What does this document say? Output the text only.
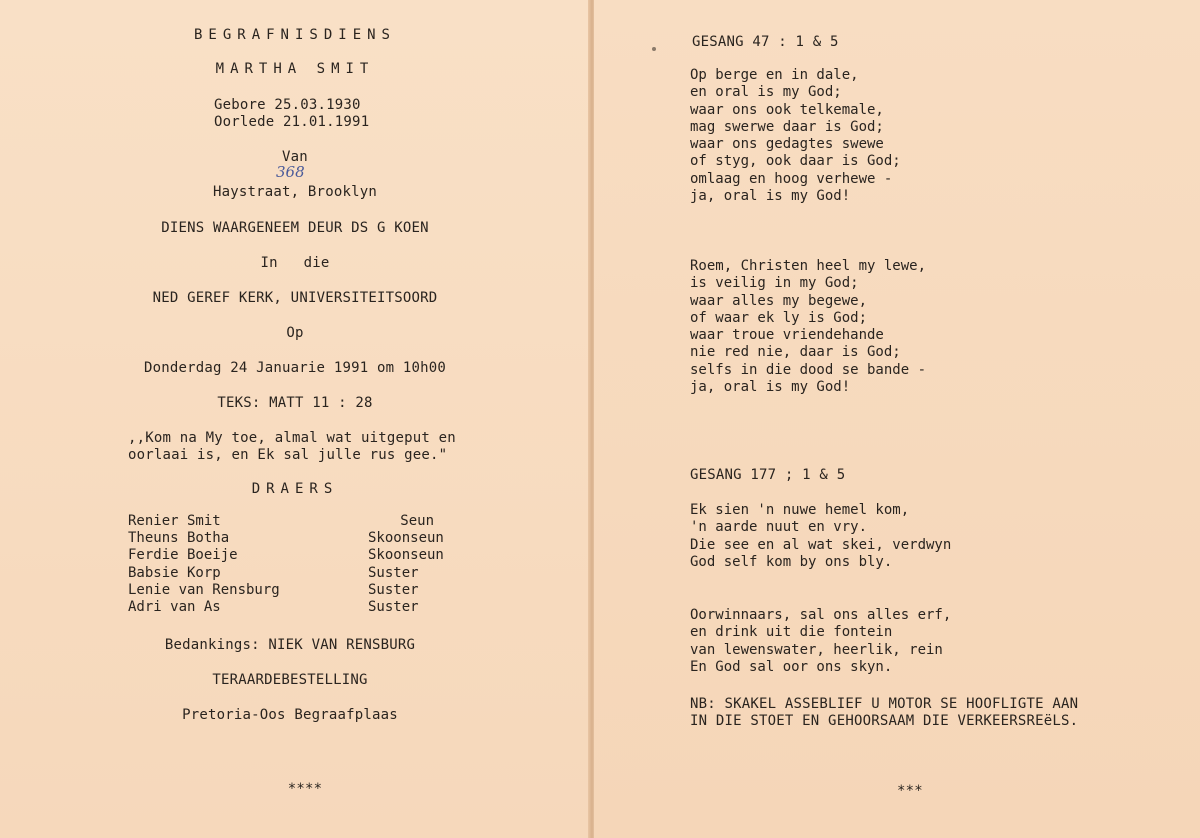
BEGRAFNISDIENS
MARTHA SMIT
Gebore 25.03.1930
Oorlede 21.01.1991
Van
368
Haystraat, Brooklyn
DIENS WAARGENEEM DEUR DS G KOEN
In   die
NED GEREF KERK, UNIVERSITEITSOORD
Op
Donderdag 24 Januarie 1991 om 10h00
TEKS: MATT 11 : 28
,,Kom na My toe, almal wat uitgeput en
oorlaai is, en Ek sal julle rus gee."
DRAERS
Renier Smit	Seun
Theuns Botha	Skoonseun
Ferdie Boeije	Skoonseun
Babsie Korp	Suster
Lenie van Rensburg	Suster
Adri van As	Suster
Bedankings: NIEK VAN RENSBURG
TERAARDEBESTELLING
Pretoria-Oos Begraafplaas
****
GESANG 47 : 1 & 5
Op berge en in dale,
en oral is my God;
waar ons ook telkemale,
mag swerwe daar is God;
waar ons gedagtes swewe
of styg, ook daar is God;
omlaag en hoog verhewe -
ja, oral is my God!
Roem, Christen heel my lewe,
is veilig in my God;
waar alles my begewe,
of waar ek ly is God;
waar troue vriendehande
nie red nie, daar is God;
selfs in die dood se bande -
ja, oral is my God!
GESANG 177 ; 1 & 5
Ek sien 'n nuwe hemel kom,
'n aarde nuut en vry.
Die see en al wat skei, verdwyn
God self kom by ons bly.
Oorwinnaars, sal ons alles erf,
en drink uit die fontein
van lewenswater, heerlik, rein
En God sal oor ons skyn.
NB: SKAKEL ASSEBLIEF U MOTOR SE HOOFLIGTE AAN
IN DIE STOET EN GEHOORSAAM DIE VERKEERSREëLS.
***
